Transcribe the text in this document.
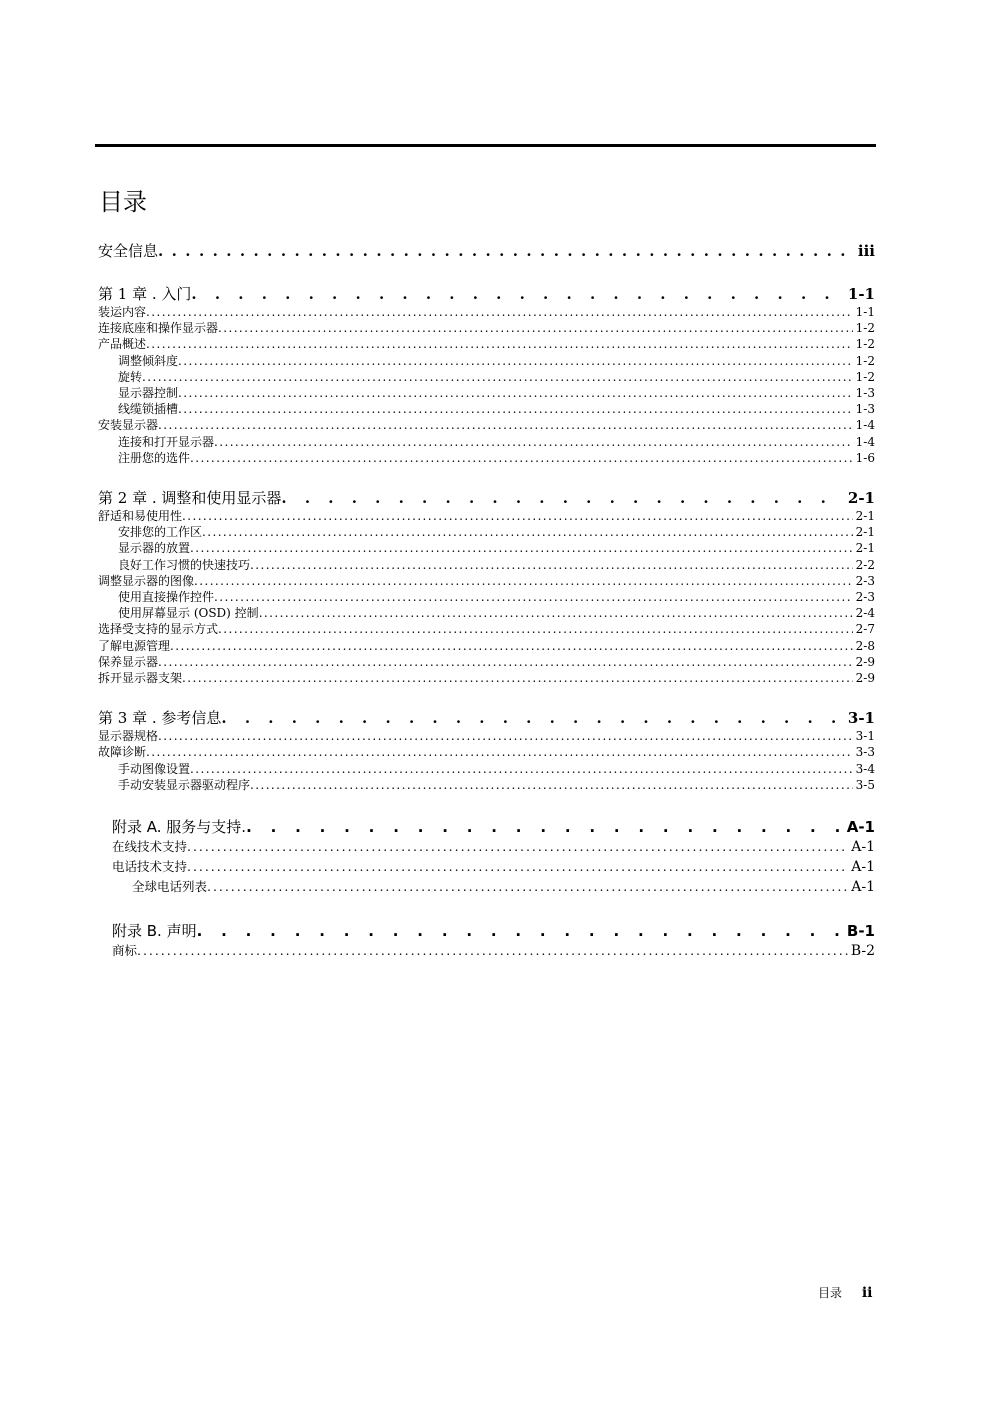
目录
安全信息 . . .	iii
第 1 章 . 入门 . . .	1-1
装运内容 . . .	1-1
连接底座和操作显示器 . . .	1-2
产品概述 . . .	1-2
调整倾斜度 . . .	1-2
旋转 . . .	1-2
显示器控制 . . .	1-3
线缆锁插槽 . . .	1-3
安装显示器 . . .	1-4
连接和打开显示器 . . .	1-4
注册您的选件 . . .	1-6
第 2 章 . 调整和使用显示器 . . .	2-1
舒适和易使用性 . . .	2-1
安排您的工作区 . . .	2-1
显示器的放置 . . .	2-1
良好工作习惯的快速技巧 . . .	2-2
调整显示器的图像 . . .	2-3
使用直接操作控件 . . .	2-3
使用屏幕显示 (OSD) 控制 . . .	2-4
选择受支持的显示方式 . . .	2-7
了解电源管理 . . .	2-8
保养显示器 . . .	2-9
拆开显示器支架 . . .	2-9
第 3 章 . 参考信息 . . .	3-1
显示器规格 . . .	3-1
故障诊断 . . .	3-3
手动图像设置 . . .	3-4
手动安装显示器驱动程序 . . .	3-5
附录 A. 服务与支持. . . .	A-1
在线技术支持 . . .	A-1
电话技术支持 . . .	A-1
全球电话列表 . . .	A-1
附录 B. 声明 . . .	B-1
商标 . . .	B-2
目录 ii
